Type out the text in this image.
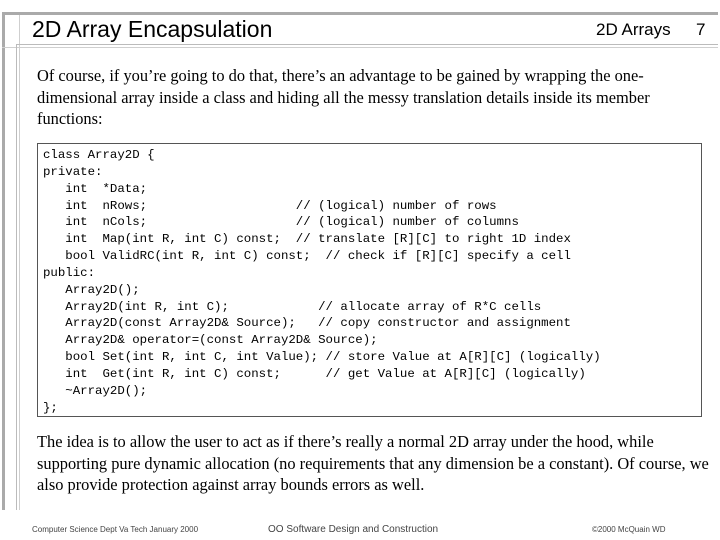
2D Array Encapsulation	2D Arrays 7

Of course, if you’re going to do that, there’s an advantage to be gained by wrapping the one-dimensional array inside a class and hiding all the messy translation details inside its member functions:

class Array2D {
private:
int  *Data;
int  nRows;                    // (logical) number of rows
int  nCols;                    // (logical) number of columns
int  Map(int R, int C) const;  // translate [R][C] to right 1D index
bool ValidRC(int R, int C) const;  // check if [R][C] specify a cell
public:
Array2D();
Array2D(int R, int C);            // allocate array of R*C cells
Array2D(const Array2D& Source);   // copy constructor and assignment
Array2D& operator=(const Array2D& Source);
bool Set(int R, int C, int Value); // store Value at A[R][C] (logically)
int  Get(int R, int C) const;      // get Value at A[R][C] (logically)
~Array2D();
};

The idea is to allow the user to act as if there’s really a normal 2D array under the hood, while supporting pure dynamic allocation (no requirements that any dimension be a constant). Of course, we also provide protection against array bounds errors as well.

Computer Science Dept Va Tech January 2000	OO Software Design and Construction	©2000 McQuain WD
